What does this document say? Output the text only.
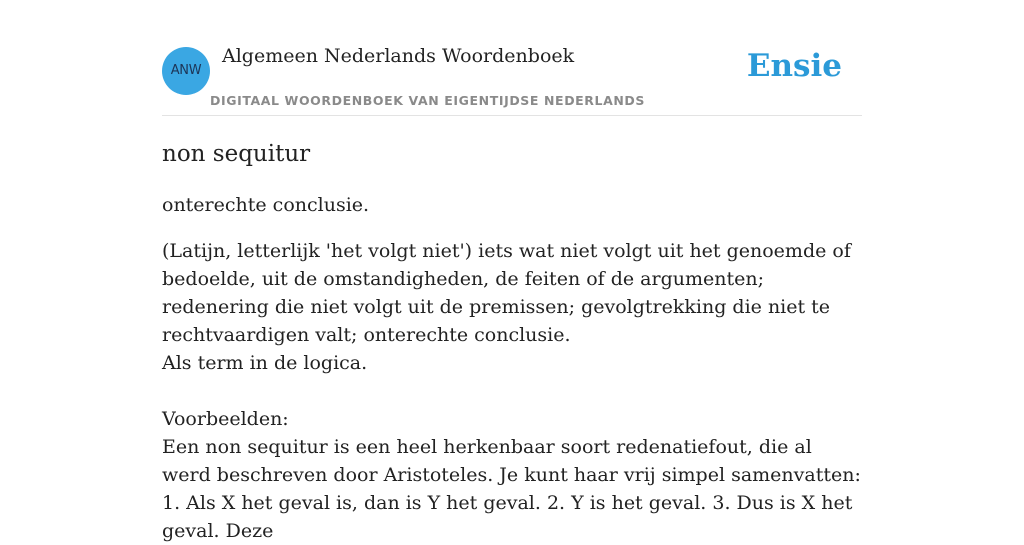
ANW
Algemeen Nederlands Woordenboek
DIGITAAL WOORDENBOEK VAN EIGENTIJDSE NEDERLANDS
Ensie
non sequitur

onterechte conclusie.

(Latijn, letterlijk 'het volgt niet') iets wat niet volgt uit het genoemde of bedoelde, uit de omstandigheden, de feiten of de argumenten; redenering die niet volgt uit de premissen; gevolgtrekking die niet te rechtvaardigen valt; onterechte conclusie.

Als term in de logica.

Voorbeelden:

Een non sequitur is een heel herkenbaar soort redenatiefout, die al werd beschreven door Aristoteles. Je kunt haar vrij simpel samenvatten: 1. Als X het geval is, dan is Y het geval. 2. Y is het geval. 3. Dus is X het geval. Deze
